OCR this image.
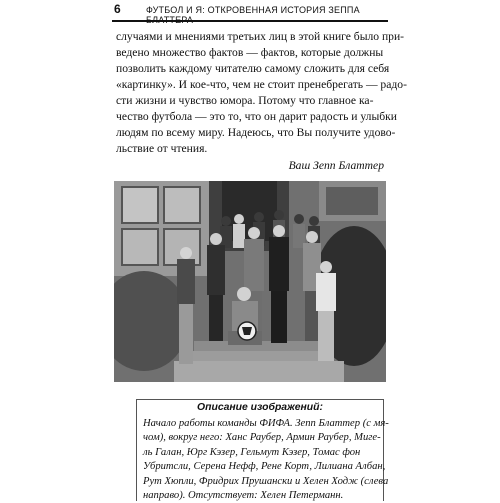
6	ФУТБОЛ И Я: ОТКРОВЕННАЯ ИСТОРИЯ ЗЕППА БЛАТТЕРА
случаями и мнениями третьих лиц в этой книге было при-
ведено множество фактов — фактов, которые должны
позволить каждому читателю самому сложить для себя
«картинку». И кое-что, чем не стоит пренебрегать — радо-
сти жизни и чувство юмора. Потому что главное ка-
чество футбола — это то, что он дарит радость и улыбки
людям по всему миру. Надеюсь, что Вы получите удово-
льствие от чтения.
Ваш Зепп Блаттер
Описание изображений:
Начало работы команды ФИФА. Зепп Блаттер (с мя-
чом), вокруг него: Ханс Раубер, Армин Раубер, Миге-
ль Галан, Юрг Кэзер, Гельмут Кэзер, Томас фон
Убритсли, Серена Нефф, Рене Корт, Лилиана Албан,
Рут Хюпли, Фридрих Прушански и Хелен Ходж (слева
направо). Отсутствует: Хелен Петерманн.
